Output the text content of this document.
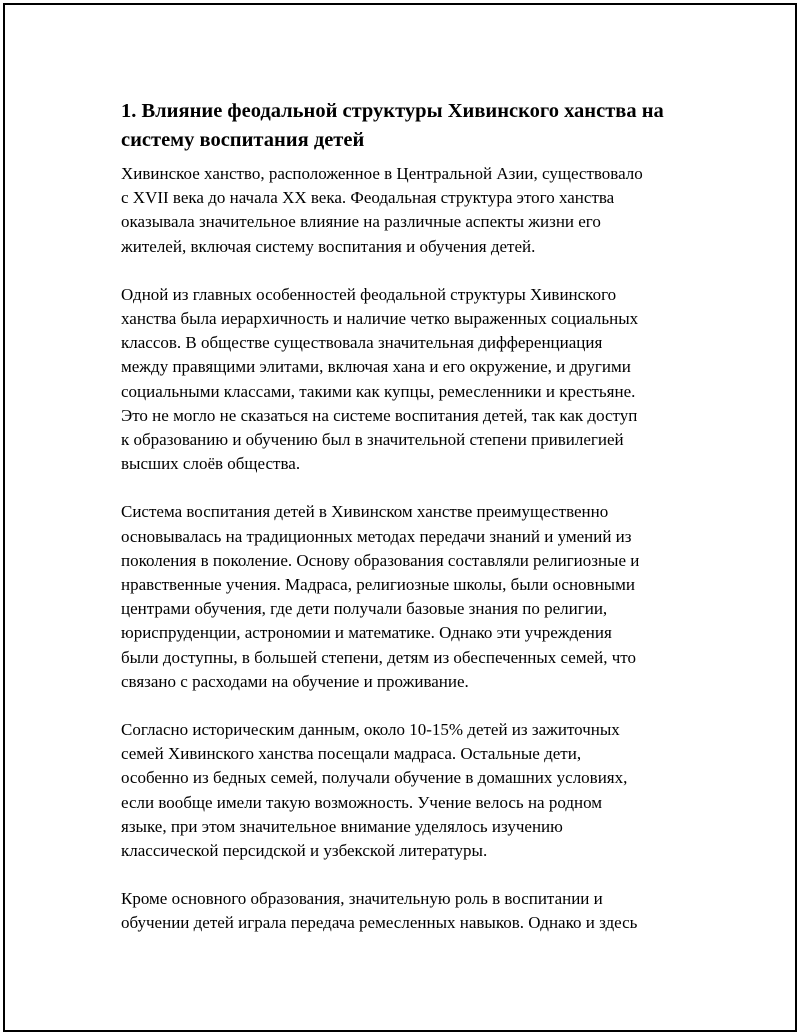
1. Влияние феодальной структуры Хивинского ханства на
систему воспитания детей

Хивинское ханство, расположенное в Центральной Азии, существовало
с XVII века до начала XX века. Феодальная структура этого ханства
оказывала значительное влияние на различные аспекты жизни его
жителей, включая систему воспитания и обучения детей.

Одной из главных особенностей феодальной структуры Хивинского
ханства была иерархичность и наличие четко выраженных социальных
классов. В обществе существовала значительная дифференциация
между правящими элитами, включая хана и его окружение, и другими
социальными классами, такими как купцы, ремесленники и крестьяне.
Это не могло не сказаться на системе воспитания детей, так как доступ
к образованию и обучению был в значительной степени привилегией
высших слоёв общества.

Система воспитания детей в Хивинском ханстве преимущественно
основывалась на традиционных методах передачи знаний и умений из
поколения в поколение. Основу образования составляли религиозные и
нравственные учения. Мадраса, религиозные школы, были основными
центрами обучения, где дети получали базовые знания по религии,
юриспруденции, астрономии и математике. Однако эти учреждения
были доступны, в большей степени, детям из обеспеченных семей, что
связано с расходами на обучение и проживание.

Согласно историческим данным, около 10-15% детей из зажиточных
семей Хивинского ханства посещали мадраса. Остальные дети,
особенно из бедных семей, получали обучение в домашних условиях,
если вообще имели такую возможность. Учение велось на родном
языке, при этом значительное внимание уделялось изучению
классической персидской и узбекской литературы.

Кроме основного образования, значительную роль в воспитании и
обучении детей играла передача ремесленных навыков. Однако и здесь
